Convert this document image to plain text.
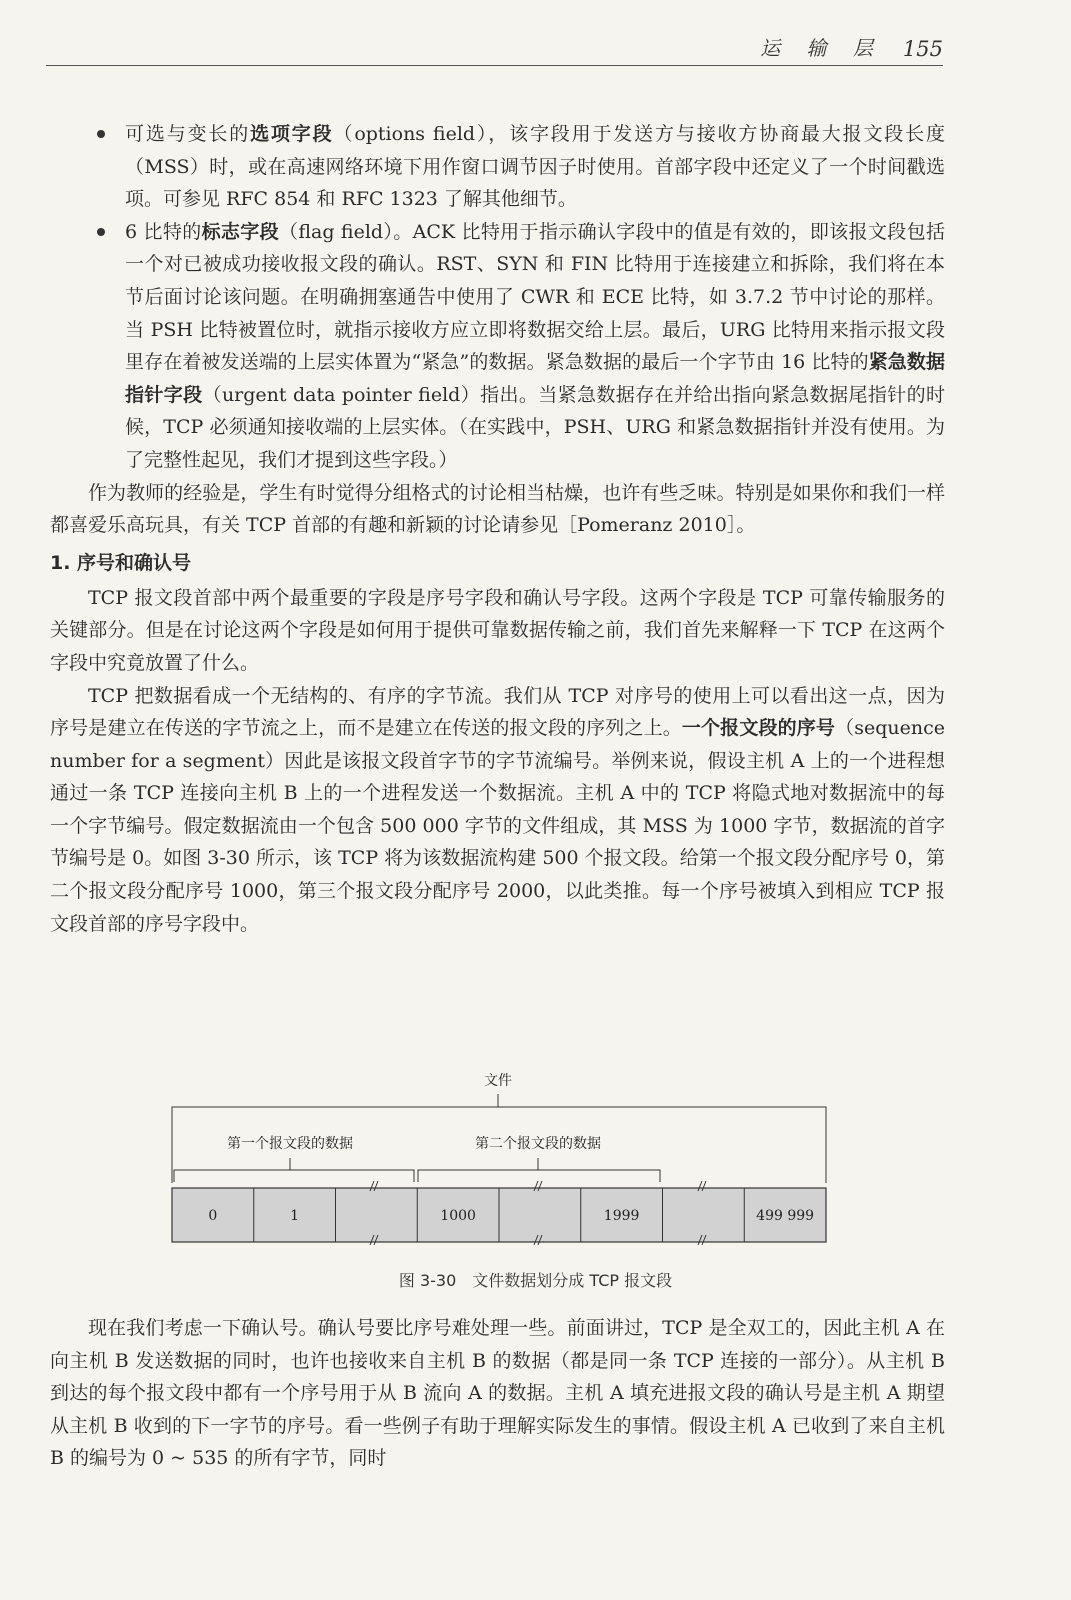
运 输 层 155

可选与变长的选项字段（options field），该字段用于发送方与接收方协商最大报文段长度（MSS）时，或在高速网络环境下用作窗口调节因子时使用。首部字段中还定义了一个时间戳选项。可参见 RFC 854 和 RFC 1323 了解其他细节。

6 比特的标志字段（flag field）。ACK 比特用于指示确认字段中的值是有效的，即该报文段包括一个对已被成功接收报文段的确认。RST、SYN 和 FIN 比特用于连接建立和拆除，我们将在本节后面讨论该问题。在明确拥塞通告中使用了 CWR 和 ECE 比特，如 3.7.2 节中讨论的那样。当 PSH 比特被置位时，就指示接收方应立即将数据交给上层。最后，URG 比特用来指示报文段里存在着被发送端的上层实体置为“紧急”的数据。紧急数据的最后一个字节由 16 比特的紧急数据指针字段（urgent data pointer field）指出。当紧急数据存在并给出指向紧急数据尾指针的时候，TCP 必须通知接收端的上层实体。（在实践中，PSH、URG 和紧急数据指针并没有使用。为了完整性起见，我们才提到这些字段。）

作为教师的经验是，学生有时觉得分组格式的讨论相当枯燥，也许有些乏味。特别是如果你和我们一样都喜爱乐高玩具，有关 TCP 首部的有趣和新颖的讨论请参见［Pomeranz 2010］。

1. 序号和确认号

TCP 报文段首部中两个最重要的字段是序号字段和确认号字段。这两个字段是 TCP 可靠传输服务的关键部分。但是在讨论这两个字段是如何用于提供可靠数据传输之前，我们首先来解释一下 TCP 在这两个字段中究竟放置了什么。

TCP 把数据看成一个无结构的、有序的字节流。我们从 TCP 对序号的使用上可以看出这一点，因为序号是建立在传送的字节流之上，而不是建立在传送的报文段的序列之上。一个报文段的序号（sequence number for a segment）因此是该报文段首字节的字节流编号。举例来说，假设主机 A 上的一个进程想通过一条 TCP 连接向主机 B 上的一个进程发送一个数据流。主机 A 中的 TCP 将隐式地对数据流中的每一个字节编号。假定数据流由一个包含 500 000 字节的文件组成，其 MSS 为 1000 字节，数据流的首字节编号是 0。如图 3-30 所示，该 TCP 将为该数据流构建 500 个报文段。给第一个报文段分配序号 0，第二个报文段分配序号 1000，第三个报文段分配序号 2000，以此类推。每一个序号被填入到相应 TCP 报文段首部的序号字段中。

文件
第一个报文段的数据	第二个报文段的数据
0	1	1000	1999	499 999
图 3-30　文件数据划分成 TCP 报文段

现在我们考虑一下确认号。确认号要比序号难处理一些。前面讲过，TCP 是全双工的，因此主机 A 在向主机 B 发送数据的同时，也许也接收来自主机 B 的数据（都是同一条 TCP 连接的一部分）。从主机 B 到达的每个报文段中都有一个序号用于从 B 流向 A 的数据。主机 A 填充进报文段的确认号是主机 A 期望从主机 B 收到的下一字节的序号。看一些例子有助于理解实际发生的事情。假设主机 A 已收到了来自主机 B 的编号为 0 ~ 535 的所有字节，同时
